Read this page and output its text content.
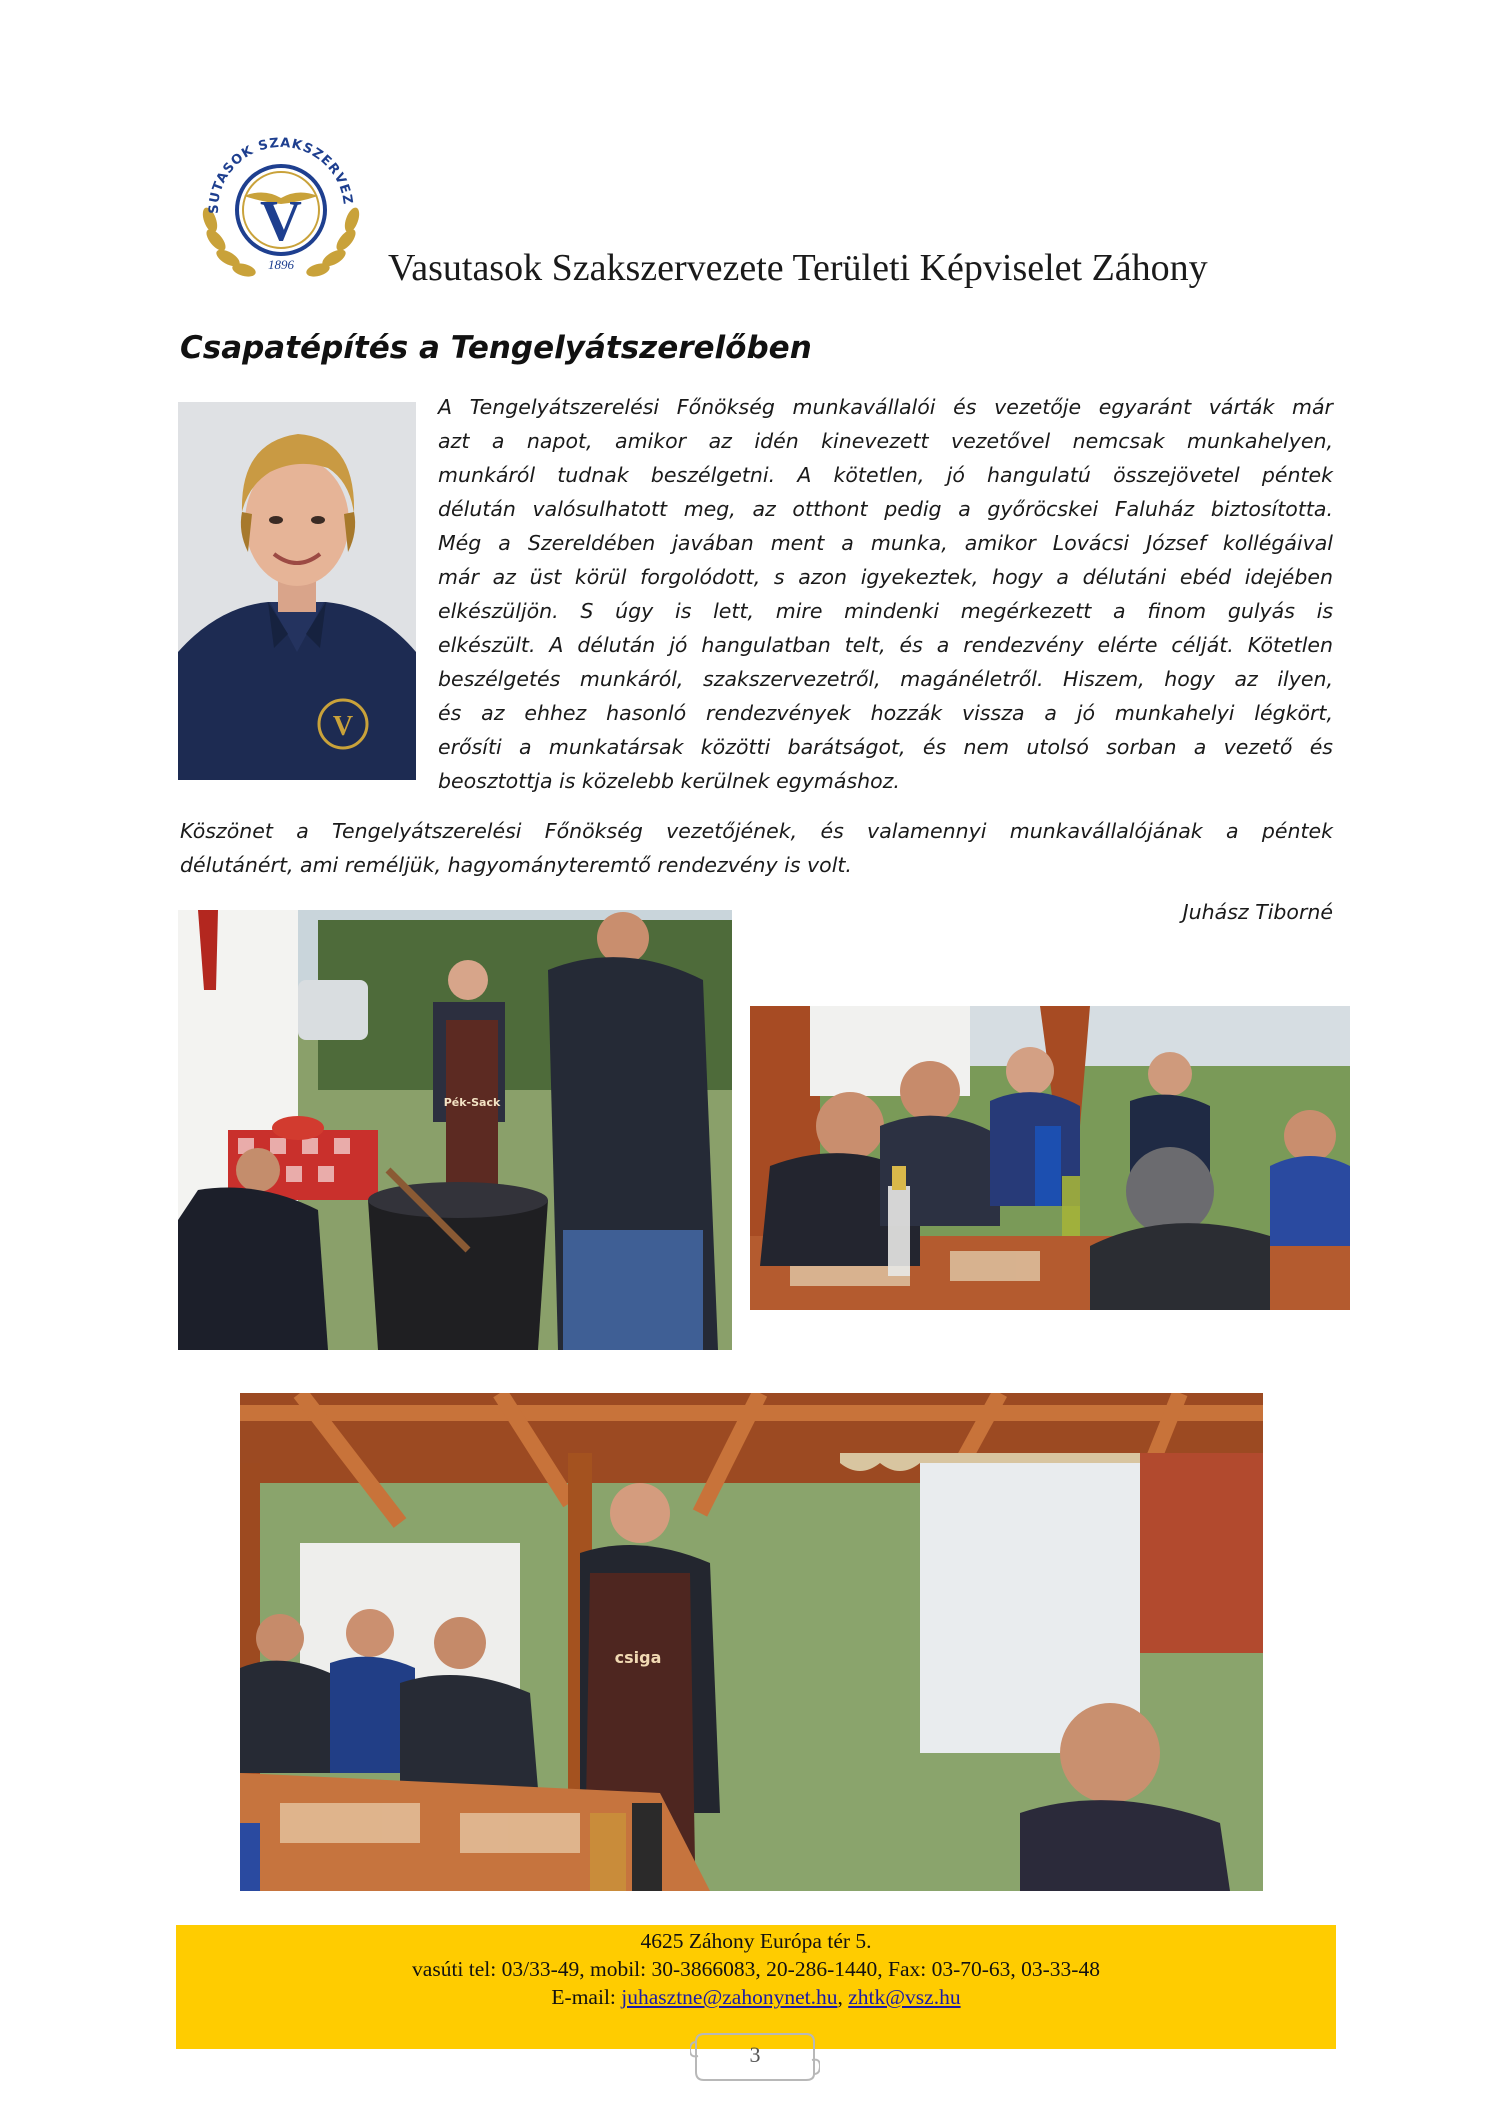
SUTASOK SZAKSZERVEZ
V
1896 Vasutasok Szakszervezete Területi Képviselet Záhony
Csapatépítés a Tengelyátszerelőben
V
A Tengelyátszerelési Főnökség munkavállalói és vezetője egyaránt várták már
azt a napot, amikor az idén kinevezett vezetővel nemcsak munkahelyen,
munkáról tudnak beszélgetni. A kötetlen, jó hangulatú összejövetel péntek
délután valósulhatott meg, az otthont pedig a győröcskei Faluház biztosította.
Még a Szereldében javában ment a munka, amikor Lovácsi József kollégáival
már az üst körül forgolódott, s azon igyekeztek, hogy a délutáni ebéd idejében
elkészüljön. S úgy is lett, mire mindenki megérkezett a finom gulyás is
elkészült. A délután jó hangulatban telt, és a rendezvény elérte célját. Kötetlen
beszélgetés munkáról, szakszervezetről, magánéletről. Hiszem, hogy az ilyen,
és az ehhez hasonló rendezvények hozzák vissza a jó munkahelyi légkört,
erősíti a munkatársak közötti barátságot, és nem utolsó sorban a vezető és
beosztottja is közelebb kerülnek egymáshoz.
Köszönet a Tengelyátszerelési Főnökség vezetőjének, és valamennyi munkavállalójának a péntek
délutánért, ami reméljük, hagyományteremtő rendezvény is volt.
Juhász Tiborné
Pék-Sack
csiga
4625 Záhony Európa tér 5.
vasúti tel: 03/33-49, mobil: 30-3866083, 20-286-1440, Fax: 03-70-63, 03-33-48
E-mail: juhasztne@zahonynet.hu, zhtk@vsz.hu
3
